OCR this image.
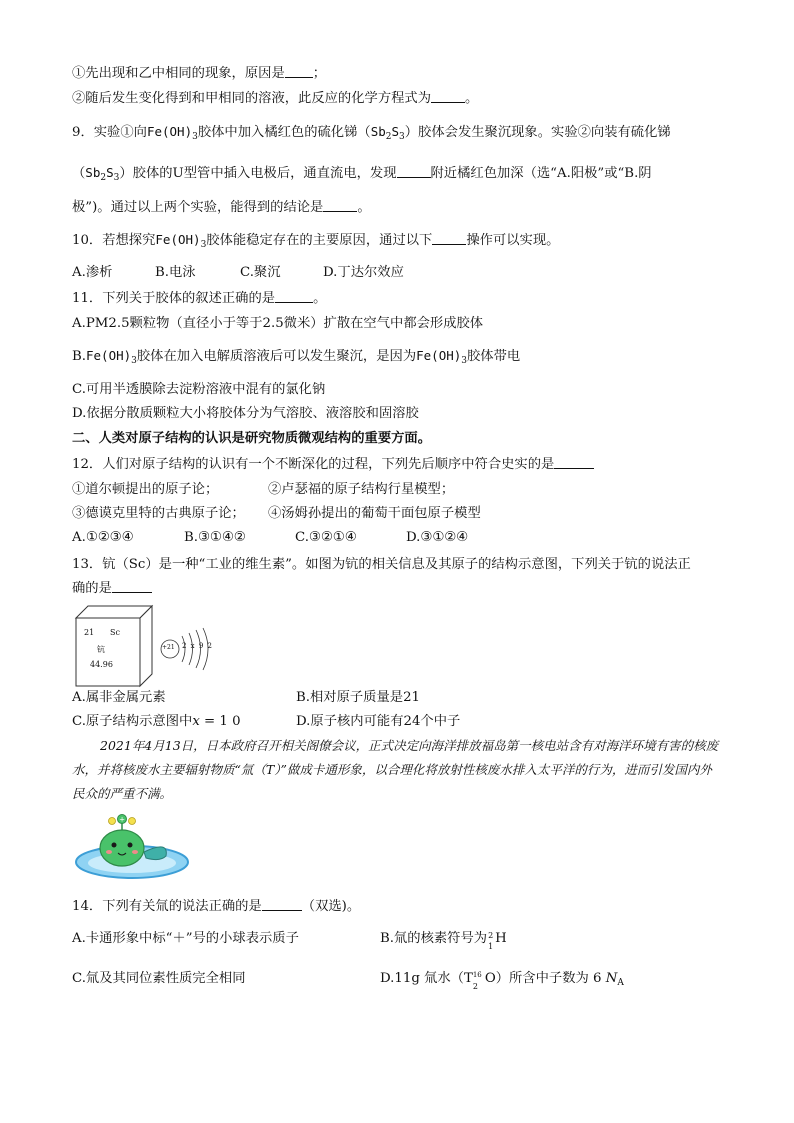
①先出现和乙中相同的现象，原因是 ；
②随后发生变化得到和甲相同的溶液，此反应的化学方程式为	。
9．实验①向$Fe(OH)_3$胶体中加入橘红色的硫化锑$(Sb_2S_3)$胶体会发生聚沉现象。实验②向装有硫化锑
$(Sb_2S_3)$胶体的U型管中插入电极后，通直流电，发现	附近橘红色加深（选“A.阳极”或“B.阴
极”)。通过以上两个实验，能得到的结论是	。
10．若想探究$Fe(OH)_3$胶体能稳定存在的主要原因，通过以下	操作可以实现。
A.渗析	B.电泳	C.聚沉	D.丁达尔效应
11．下列关于胶体的叙述正确的是	。
A.PM2.5颗粒物（直径小于等于2.5微米）扩散在空气中都会形成胶体
$B.Fe(OH)_3$胶体在加入电解质溶液后可以发生聚沉，是因为$Fe(OH)_3$胶体带电
C.可用半透膜除去淀粉溶液中混有的氯化钠
D.依据分散质颗粒大小将胶体分为气溶胶、液溶胶和固溶胶
二、人类对原子结构的认识是研究物质微观结构的重要方面。
12．人们对原子结构的认识有一个不断深化的过程，下列先后顺序中符合史实的是
①道尔顿提出的原子论；	②卢瑟福的原子结构行星模型；
③德谟克里特的古典原子论； ④汤姆孙提出的葡萄干面包原子模型
A.①②③④	B.③①④②	C.③②①④	D.③①②④
13．钪（Sc）是一种“工业的维生素”。如图为钪的相关信息及其原子的结构示意图，下列关于钪的说法正
确的是
21 Sc
钪
44.96
+21 2 x 9 2
A.属非金属元素	B.相对原子质量是21
C.原子结构示意图中x = 1 0	D.原子核内可能有24个中子
2021年4月13日，日本政府召开相关阁僚会议，正式决定向海洋排放福岛第一核电站含有对海洋环境有害的核废水，并将核废水主要辐射物质“氚（T）”做成卡通形象，以合理化将放射性核废水排入太平洋的行为，进而引发国内外民众的严重不满。
+
14．下列有关氚的说法正确的是	（双选)。
A.卡通形象中标“＋”号的小球表示质子	B.氚的核素符号为 2
1
H
C.氚及其同位素性质完全相同	D.11g 氚水（T 16
2
O）所含中子数为 6 $N_A$
